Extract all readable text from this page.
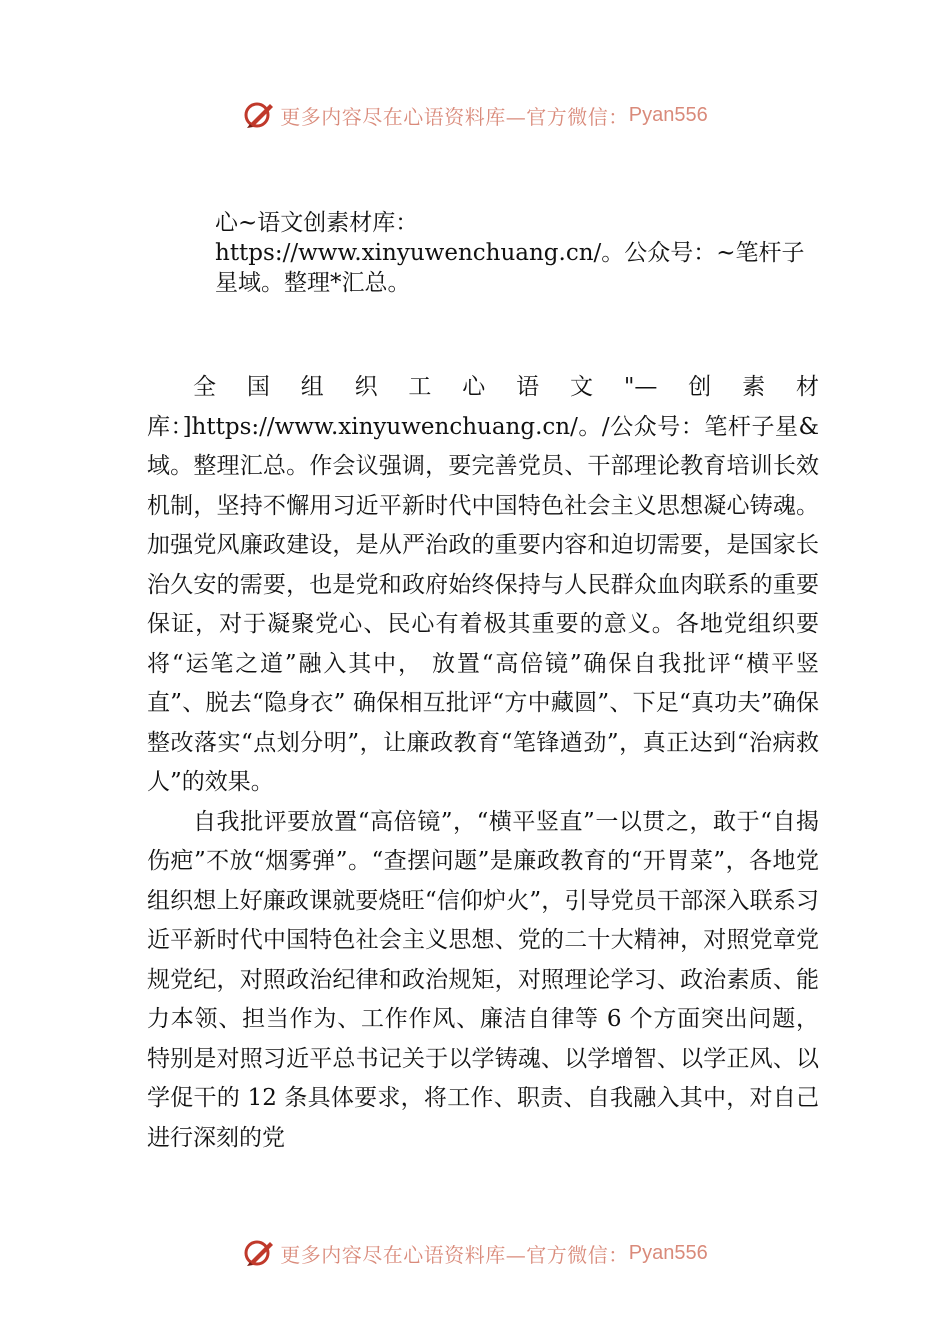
更多内容尽在心语资料库—官方微信： Pyan556
心~语文创素材库：https://www.xinyuwenchuang.cn/。公众号：~笔杆子星域。整理*汇总。

全国组织工心语文"—创素材库：]https://www.xinyuwenchuang.cn/。/公众号：笔杆子星&域。整理汇总。作会议强调，要完善党员、干部理论教育培训长效机制，坚持不懈用习近平新时代中国特色社会主义思想凝心铸魂。加强党风廉政建设，是从严治政的重要内容和迫切需要，是国家长治久安的需要，也是党和政府始终保持与人民群众血肉联系的重要保证，对于凝聚党心、民心有着极其重要的意义。各地党组织要将“运笔之道”融入其中， 放置“高倍镜”确保自我批评“横平竖直”、脱去“隐身衣” 确保相互批评“方中藏圆”、下足“真功夫”确保整改落实“点划分明”，让廉政教育“笔锋遒劲”，真正达到“治病救人”的效果。

自我批评要放置“高倍镜”，“横平竖直”一以贯之，敢于“自揭伤疤”不放“烟雾弹”。“查摆问题”是廉政教育的“开胃菜”，各地党组织想上好廉政课就要烧旺“信仰炉火”，引导党员干部深入联系习近平新时代中国特色社会主义思想、党的二十大精神，对照党章党规党纪，对照政治纪律和政治规矩，对照理论学习、政治素质、能力本领、担当作为、工作作风、廉洁自律等 6 个方面突出问题，特别是对照习近平总书记关于以学铸魂、以学增智、以学正风、以学促干的 12 条具体要求，将工作、职责、自我融入其中，对自己进行深刻的党

更多内容尽在心语资料库—官方微信： Pyan556
